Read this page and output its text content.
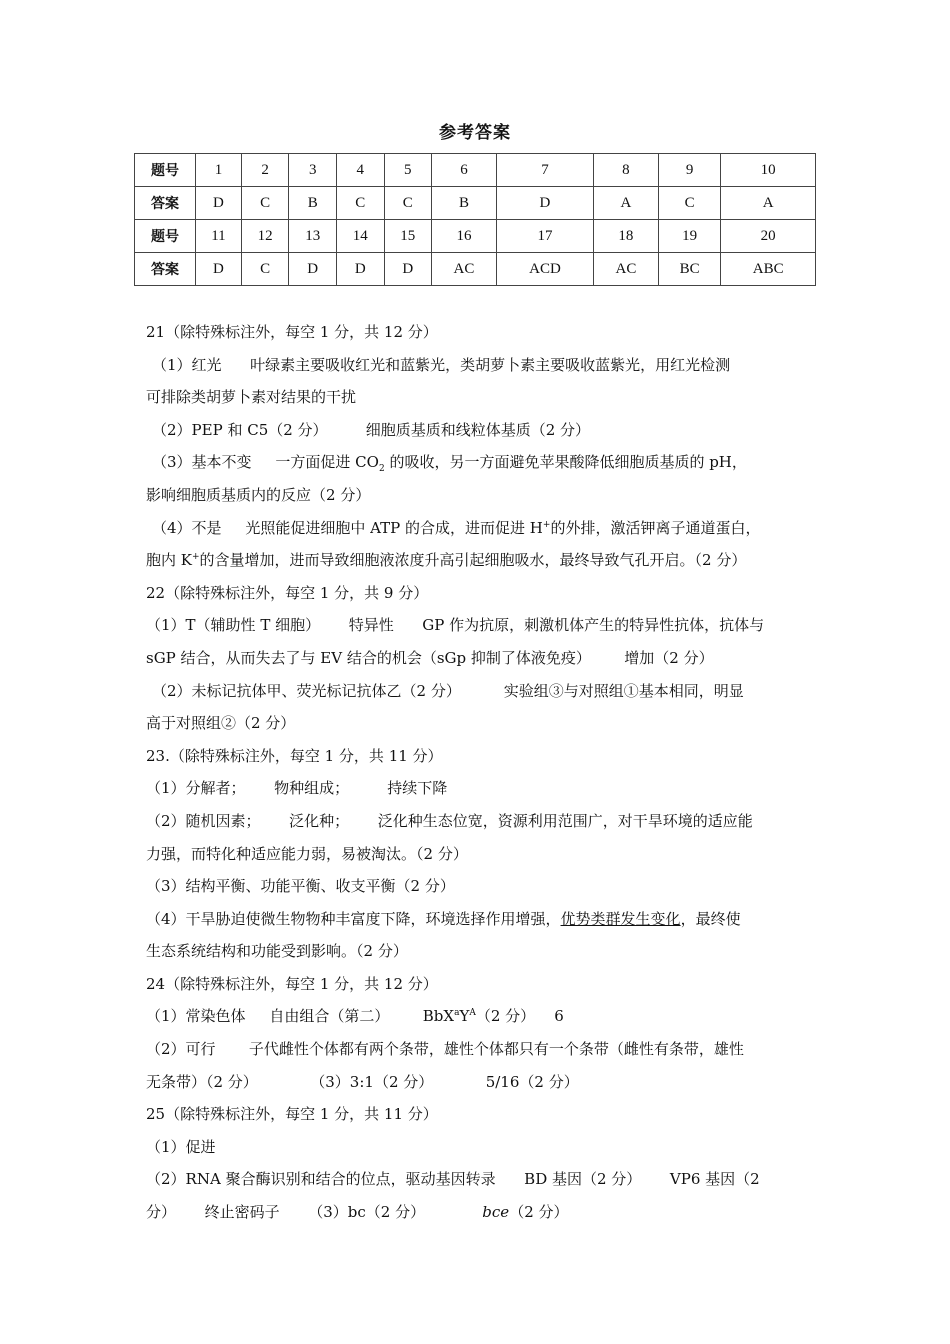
参考答案
题号	1	2	3	4	5	6	7	8	9	10
答案	D	C	B	C	C	B	D	A	C	A
题号	11	12	13	14	15	16	17	18	19	20
答案	D	C	D	D	D	AC	ACD	AC	BC	ABC
21（除特殊标注外，每空 1 分，共 12 分）
（1）红光      叶绿素主要吸收红光和蓝紫光，类胡萝卜素主要吸收蓝紫光，用红光检测
可排除类胡萝卜素对结果的干扰
（2）PEP 和 C5（2 分）        细胞质基质和线粒体基质（2 分）
（3）基本不变     一方面促进 $CO_2$ 的吸收，另一方面避免苹果酸降低细胞质基质的 pH，
影响细胞质基质内的反应（2 分）
（4）不是     光照能促进细胞中 ATP 的合成，进而促进 H+的外排，激活钾离子通道蛋白，
胞内 K+的含量增加，进而导致细胞液浓度升高引起细胞吸水，最终导致气孔开启。（2 分）
22（除特殊标注外，每空 1 分，共 9 分）
（1）T（辅助性 T 细胞）      特异性      GP 作为抗原，刺激机体产生的特异性抗体，抗体与
sGP 结合，从而失去了与 EV 结合的机会（sGp 抑制了体液免疫）       增加（2 分）
（2）未标记抗体甲、荧光标记抗体乙（2 分）         实验组③与对照组①基本相同，明显
高于对照组②（2 分）
23.（除特殊标注外，每空 1 分，共 11 分）
（1）分解者；      物种组成；        持续下降
（2）随机因素；      泛化种；      泛化种生态位宽，资源利用范围广，对干旱环境的适应能
力强，而特化种适应能力弱，易被淘汰。（2 分）
（3）结构平衡、功能平衡、收支平衡（2 分）
（4）干旱胁迫使微生物物种丰富度下降，环境选择作用增强，优势类群发生变化，最终使
生态系统结构和功能受到影响。（2 分）
24（除特殊标注外，每空 1 分，共 12 分）
（1）常染色体     自由组合（第二）       $BbX^aY^A(2$ 分）    6
（2）可行       子代雌性个体都有两个条带，雄性个体都只有一个条带（雌性有条带，雄性
无条带）（2 分）           （3）3:1（2 分）           5/16（2 分）
25（除特殊标注外，每空 1 分，共 11 分）
（1）促进
（2）RNA 聚合酶识别和结合的位点，驱动基因转录      BD 基因（2 分）      VP6 基因（2
分）      终止密码子      （3）bc（2 分）            bce（2 分）
